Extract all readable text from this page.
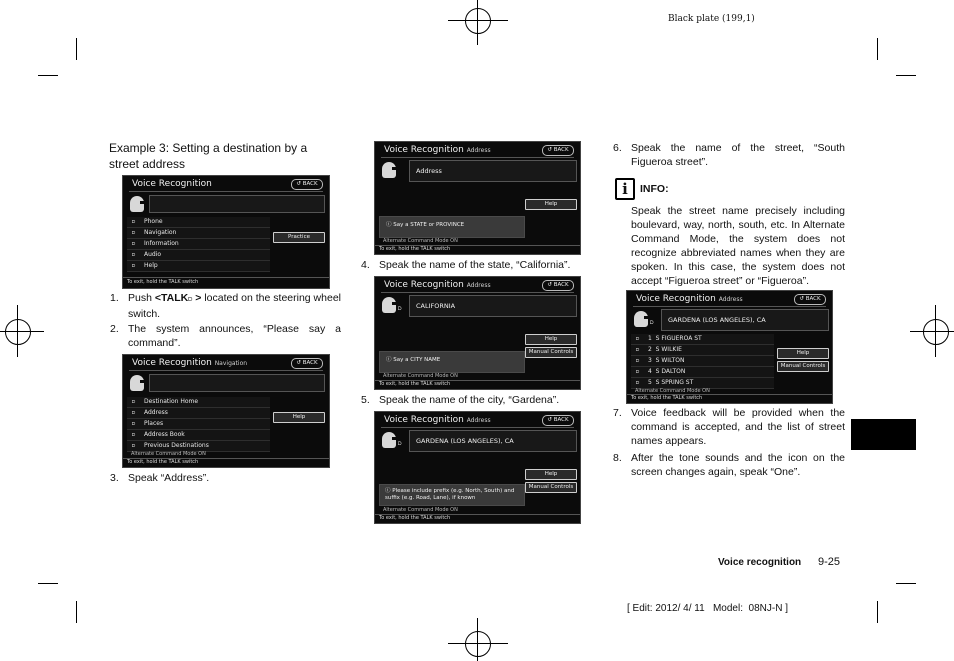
Black plate (199,1)
Example 3: Setting a destination by a street address
Voice Recognition	↺ BACK
⫐ Phone
⫐ Navigation
⫐ Information
⫐ Audio
⫐ Help
Practice
To exit, hold the TALK switch
1. Push <TALK⫐ > located on the steering wheel switch.
2. The system announces, “Please say a command”.
Voice Recognition Navigation	↺ BACK
⫐ Destination Home
⫐ Address
⫐ Places
⫐ Address Book
⫐ Previous Destinations
Help
Alternate Command Mode ON
To exit, hold the TALK switch
3. Speak “Address”.
Voice Recognition Address	↺ BACK
Address
Help
ⓘ Say a STATE or PROVINCE
Alternate Command Mode ON
To exit, hold the TALK switch
4. Speak the name of the state, “California”.
Voice Recognition Address	↺ BACK
⫐	CALIFORNIA
Help
Manual Controls
ⓘ Say a CITY NAME
Alternate Command Mode ON
To exit, hold the TALK switch
5. Speak the name of the city, “Gardena”.
Voice Recognition Address	↺ BACK
⫐	GARDENA (LOS ANGELES), CA
Help
Manual Controls
ⓘ Please include prefix (e.g. North, South) and suffix (e.g. Road, Lane), if known
Alternate Command Mode ON
To exit, hold the TALK switch
6. Speak the name of the street, “South Figueroa street”.
i	INFO:
Speak the street name precisely including boulevard, way, north, south, etc. In Alternate Command Mode, the system does not recognize abbreviated names when they are spoken. In this case, the system does not accept “Figueroa street” or “Figueroa”.
Voice Recognition Address	↺ BACK
⫐	GARDENA (LOS ANGELES), CA
⫐ 1 S FIGUEROA ST
⫐ 2 S WILKIE
⫐ 3 S WILTON
⫐ 4 S DALTON
⫐ 5 S SPRING ST
Help
Manual Controls
Alternate Command Mode ON
To exit, hold the TALK switch
7. Voice feedback will be provided when the command is accepted, and the list of street names appears.
8. After the tone sounds and the icon on the screen changes again, speak “One”.
Voice recognition 9-25
[ Edit: 2012/ 4/ 11   Model:  08NJ-N ]
